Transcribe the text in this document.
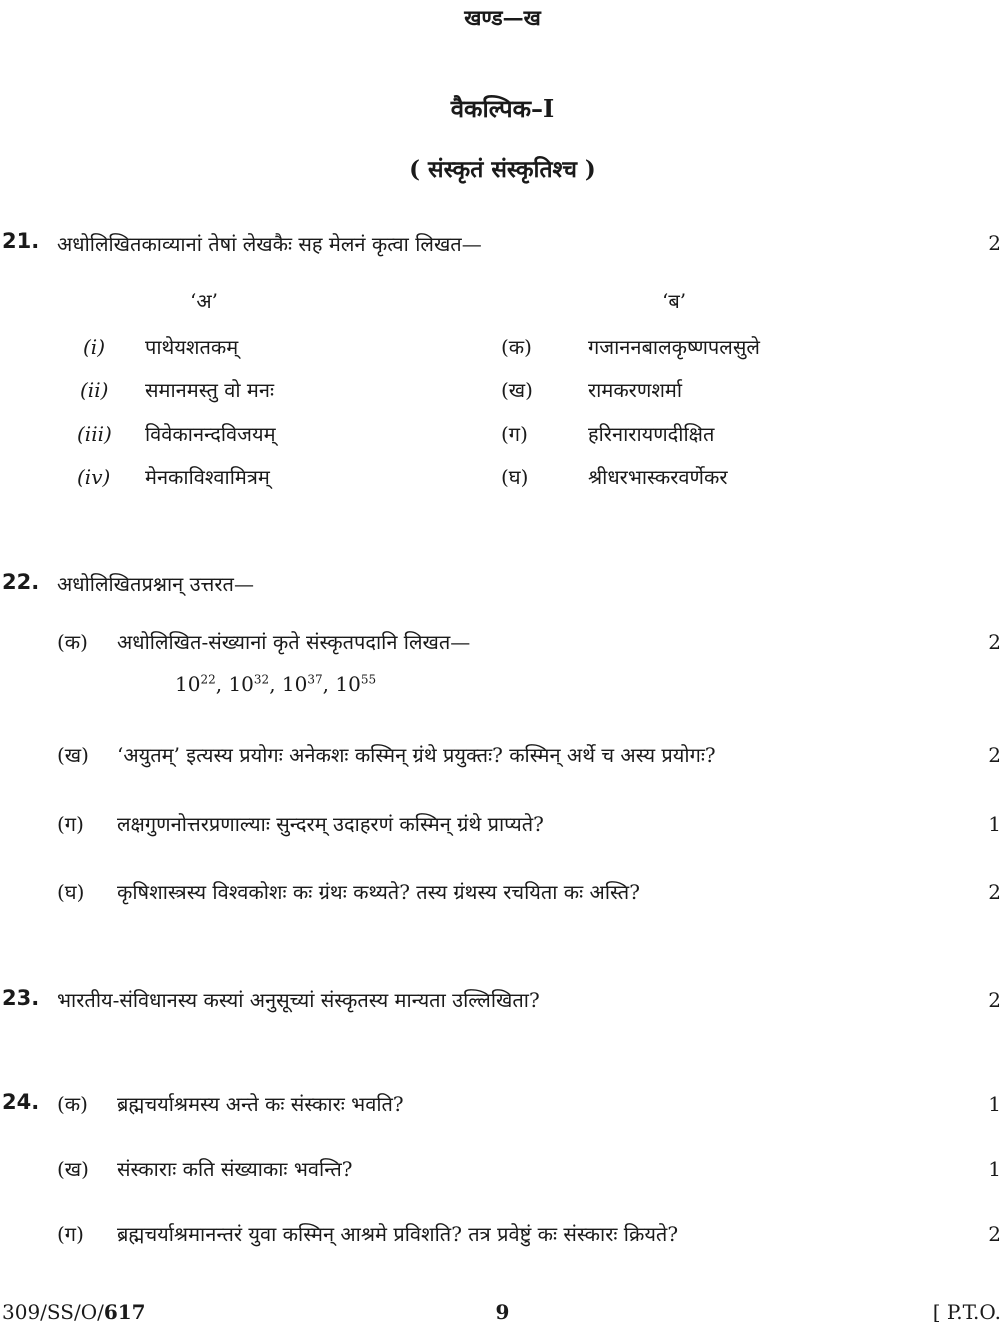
खण्ड—ख
वैकल्पिक–I
( संस्कृतं संस्कृतिश्च )
21. अधोलिखितकाव्यानां तेषां लेखकैः सह मेलनं कृत्वा लिखत—	2
‘अ’	‘ब’
(i) पाथेयशतकम्	(क)	गजाननबालकृष्णपलसुले
(ii) समानमस्तु वो मनः	(ख)	रामकरणशर्मा
(iii) विवेकानन्दविजयम्	(ग)	हरिनारायणदीक्षित
(iv) मेनकाविश्वामित्रम्	(घ)	श्रीधरभास्करवर्णेकर
22. अधोलिखितप्रश्नान् उत्तरत—
(क) अधोलिखित-संख्यानां कृते संस्कृतपदानि लिखत—	2
$10^{22}$, $10^{32}$, $10^{37}$, $10^{55}$
(ख) ‘अयुतम्’ इत्यस्य प्रयोगः अनेकशः कस्मिन् ग्रंथे प्रयुक्तः? कस्मिन् अर्थे च अस्य प्रयोगः?	2
(ग) लक्षगुणनोत्तरप्रणाल्याः सुन्दरम् उदाहरणं कस्मिन् ग्रंथे प्राप्यते?	1
(घ) कृषिशास्त्रस्य विश्वकोशः कः ग्रंथः कथ्यते? तस्य ग्रंथस्य रचयिता कः अस्ति?	2
23. भारतीय-संविधानस्य कस्यां अनुसूच्यां संस्कृतस्य मान्यता उल्लिखिता?	2
24. (क) ब्रह्मचर्याश्रमस्य अन्ते कः संस्कारः भवति?	1
(ख) संस्काराः कति संख्याकाः भवन्ति?	1
(ग) ब्रह्मचर्याश्रमानन्तरं युवा कस्मिन् आश्रमे प्रविशति? तत्र प्रवेष्टुं कः संस्कारः क्रियते?	2
309/SS/O/617	9	[ P.T.O.
